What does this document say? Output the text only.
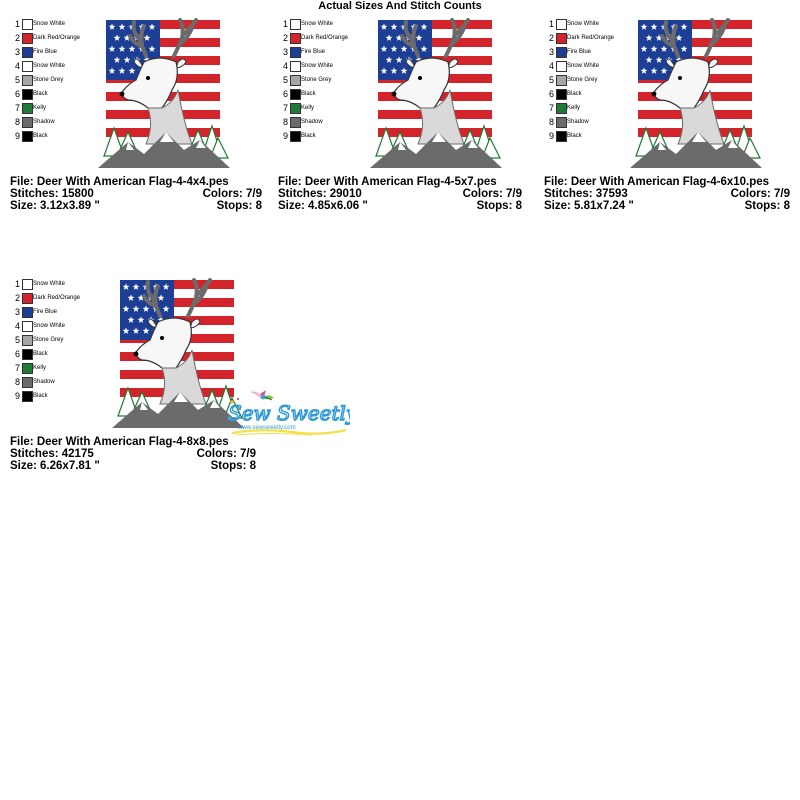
Actual Sizes And Stitch Counts
1 Snow White
2 Dark Red/Orange
3 Fire Blue
4 Snow White
5 Stone Grey
6 Black
7 Kelly
8 Shadow
9 Black
File: Deer With American Flag-4-4x4.pes
Stitches: 15800	Colors: 7/9
Size: 3.12x3.89 "	Stops: 8
1 Snow White
2 Dark Red/Orange
3 Fire Blue
4 Snow White
5 Stone Grey
6 Black
7 Kelly
8 Shadow
9 Black
File: Deer With American Flag-4-5x7.pes
Stitches: 29010	Colors: 7/9
Size: 4.85x6.06 "	Stops: 8
1 Snow White
2 Dark Red/Orange
3 Fire Blue
4 Snow White
5 Stone Grey
6 Black
7 Kelly
8 Shadow
9 Black
File: Deer With American Flag-4-6x10.pes
Stitches: 37593	Colors: 7/9
Size: 5.81x7.24 "	Stops: 8
1 Snow White
2 Dark Red/Orange
3 Fire Blue
4 Snow White
5 Stone Grey
6 Black
7 Kelly
8 Shadow
9 Black
File: Deer With American Flag-4-8x8.pes
Stitches: 42175	Colors: 7/9
Size: 6.26x7.81 "	Stops: 8
Sew Sweetly
www.sewsweetly.com
